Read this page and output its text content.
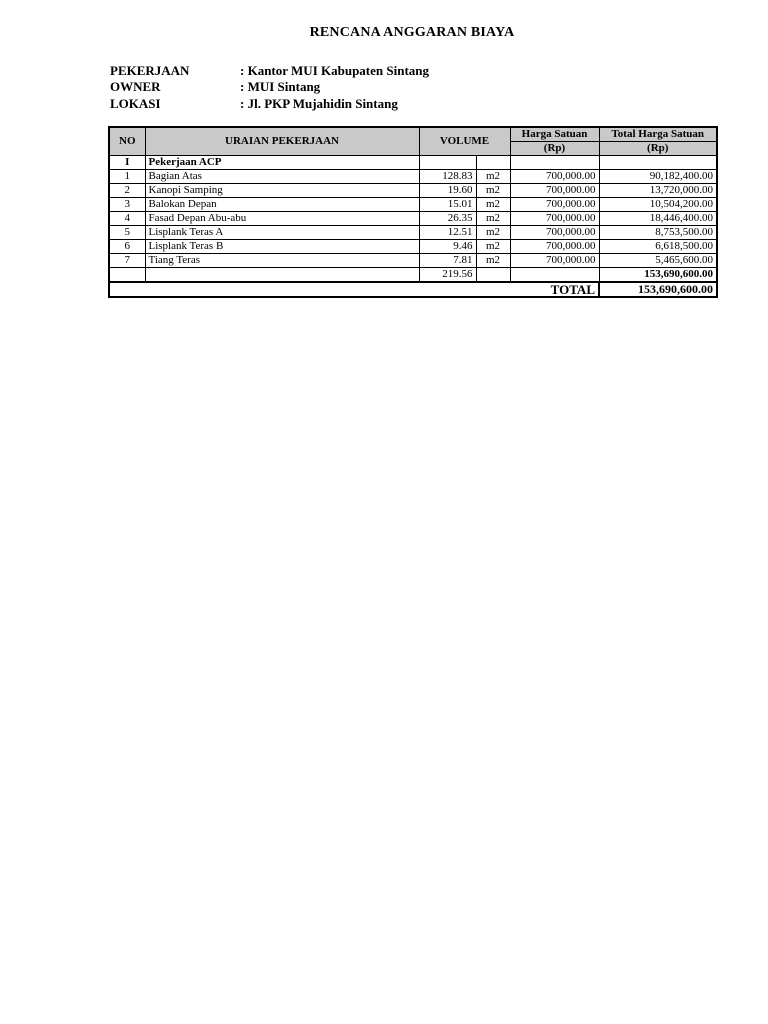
RENCANA ANGGARAN BIAYA
PEKERJAAN	: Kantor MUI Kabupaten Sintang
OWNER	: MUI Sintang
LOKASI	: Jl. PKP Mujahidin Sintang
NO	URAIAN PEKERJAAN	VOLUME		Harga Satuan	Total Harga Satuan
				(Rp)	(Rp)
I	Pekerjaan ACP				
1	Bagian Atas	128.83	m2	700,000.00	90,182,400.00
2	Kanopi Samping	19.60	m2	700,000.00	13,720,000.00
3	Balokan Depan	15.01	m2	700,000.00	10,504,200.00
4	Fasad Depan Abu-abu	26.35	m2	700,000.00	18,446,400.00
5	Lisplank Teras A	12.51	m2	700,000.00	8,753,500.00
6	Lisplank Teras B	9.46	m2	700,000.00	6,618,500.00
7	Tiang Teras	7.81	m2	700,000.00	5,465,600.00
		219.56			153,690,600.00
TOTAL					153,690,600.00
